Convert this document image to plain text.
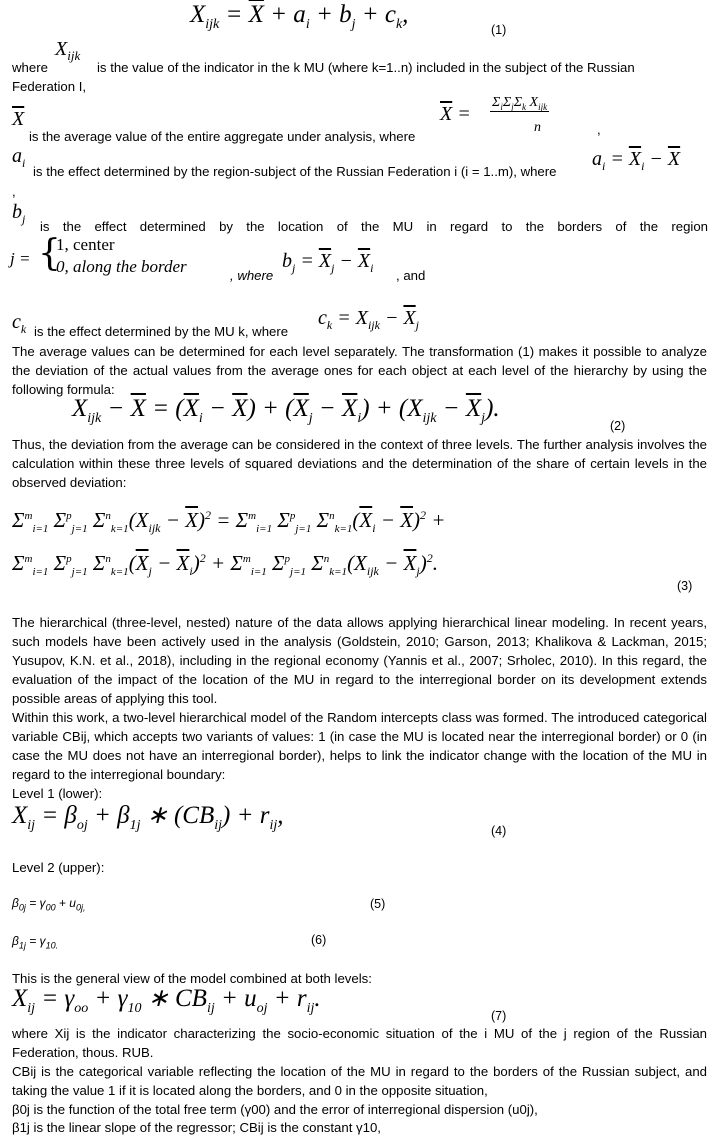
$X_{ijk} = \overline{X} + a_i + b_j + c_k$,
(1)
where
$X_{ijk}$
is the value of the indicator in the k MU (where k=1..n) included in the subject of the Russian
Federation I,
$\overline{X}$ =
$\Sigma_i\Sigma_j\Sigma_k$ $X_{ijk}$
n	,
$\overline{X}$
is the average value of the entire aggregate under analysis, where
$a_i$
is the effect determined by the region-subject of the Russian Federation i (i = 1..m), where
$a_i = \overline{X}_i - \overline{X}$
,
$b_j$ is the effect determined by the location of the MU in regard to the borders of the region
j = {
1, center
0, along the border	, where
$b_j = \overline{X}_j - \overline{X}_i$ , and
$c_k$ is the effect determined by the MU k, where
$c_k = X_{ijk} - \overline{X}_j$
The average values can be determined for each level separately. The transformation (1) makes it possible to analyze the deviation of the actual values from the average ones for each object at each level of the hierarchy by using the following formula:
$X_{ijk} - \overline{X} = (\overline{X}_i - \overline{X}) + (\overline{X}_j - \overline{X}_i) + (X_{ijk} - \overline{X}_j)$.
(2)
Thus, the deviation from the average can be considered in the context of three levels. The further analysis involves the calculation within these three levels of squared deviations and the determination of the share of certain levels in the observed deviation:
$\Sigma^m_{i=1}$ $\Sigma^p_{j=1}$ $\Sigma^n_{k=1}(X_{ijk} - \overline{X})^2 = \Sigma^m_{i=1}$ $\Sigma^p_{j=1}$ $\Sigma^n_{k=1}(\overline{X}_i - \overline{X})^2$ +
$\Sigma^m_{i=1}$ $\Sigma^p_{j=1}$ $\Sigma^n_{k=1}(\overline{X}_j - \overline{X}_i)^2 + \Sigma^m_{i=1}$ $\Sigma^p_{j=1}$ $\Sigma^n_{k=1}(X_{ijk} - \overline{X}_j)^2$.
(3)
The hierarchical (three-level, nested) nature of the data allows applying hierarchical linear modeling. In recent years, such models have been actively used in the analysis (Goldstein, 2010; Garson, 2013; Khalikova & Lackman, 2015; Yusupov, K.N. et al., 2018), including in the regional economy (Yannis et al., 2007; Srholec, 2010). In this regard, the evaluation of the impact of the location of the MU in regard to the interregional border on its development extends possible areas of applying this tool.
Within this work, a two-level hierarchical model of the Random intercepts class was formed. The introduced categorical variable CBij, which accepts two variants of values: 1 (in case the MU is located near the interregional border) or 0 (in case the MU does not have an interregional border), helps to link the indicator change with the location of the MU in regard to the interregional boundary:
Level 1 (lower):
$X_{ij} = \beta_{oj} + \beta_{1j}$ ∗ $(CB_{ij}) + r_{ij}$,
(4)
Level 2 (upper):
$\beta_{0j} = \gamma_{00} + u_{0j,}$	(5)
$\beta_{1j} = \gamma_{10.}$	(6)
This is the general view of the model combined at both levels:
$X_{ij} = \gamma_{oo} + \gamma_{10}$ ∗ $CB_{ij} + u_{oj} + r_{ij}$.
(7)
where Xij is the indicator characterizing the socio-economic situation of the i MU of the j region of the Russian Federation, thous. RUB.
CBij is the categorical variable reflecting the location of the MU in regard to the borders of the Russian subject, and taking the value 1 if it is located along the borders, and 0 in the opposite situation,
β0j is the function of the total free term (γ00) and the error of interregional dispersion (u0j),
β1j is the linear slope of the regressor; CBij is the constant γ10,
